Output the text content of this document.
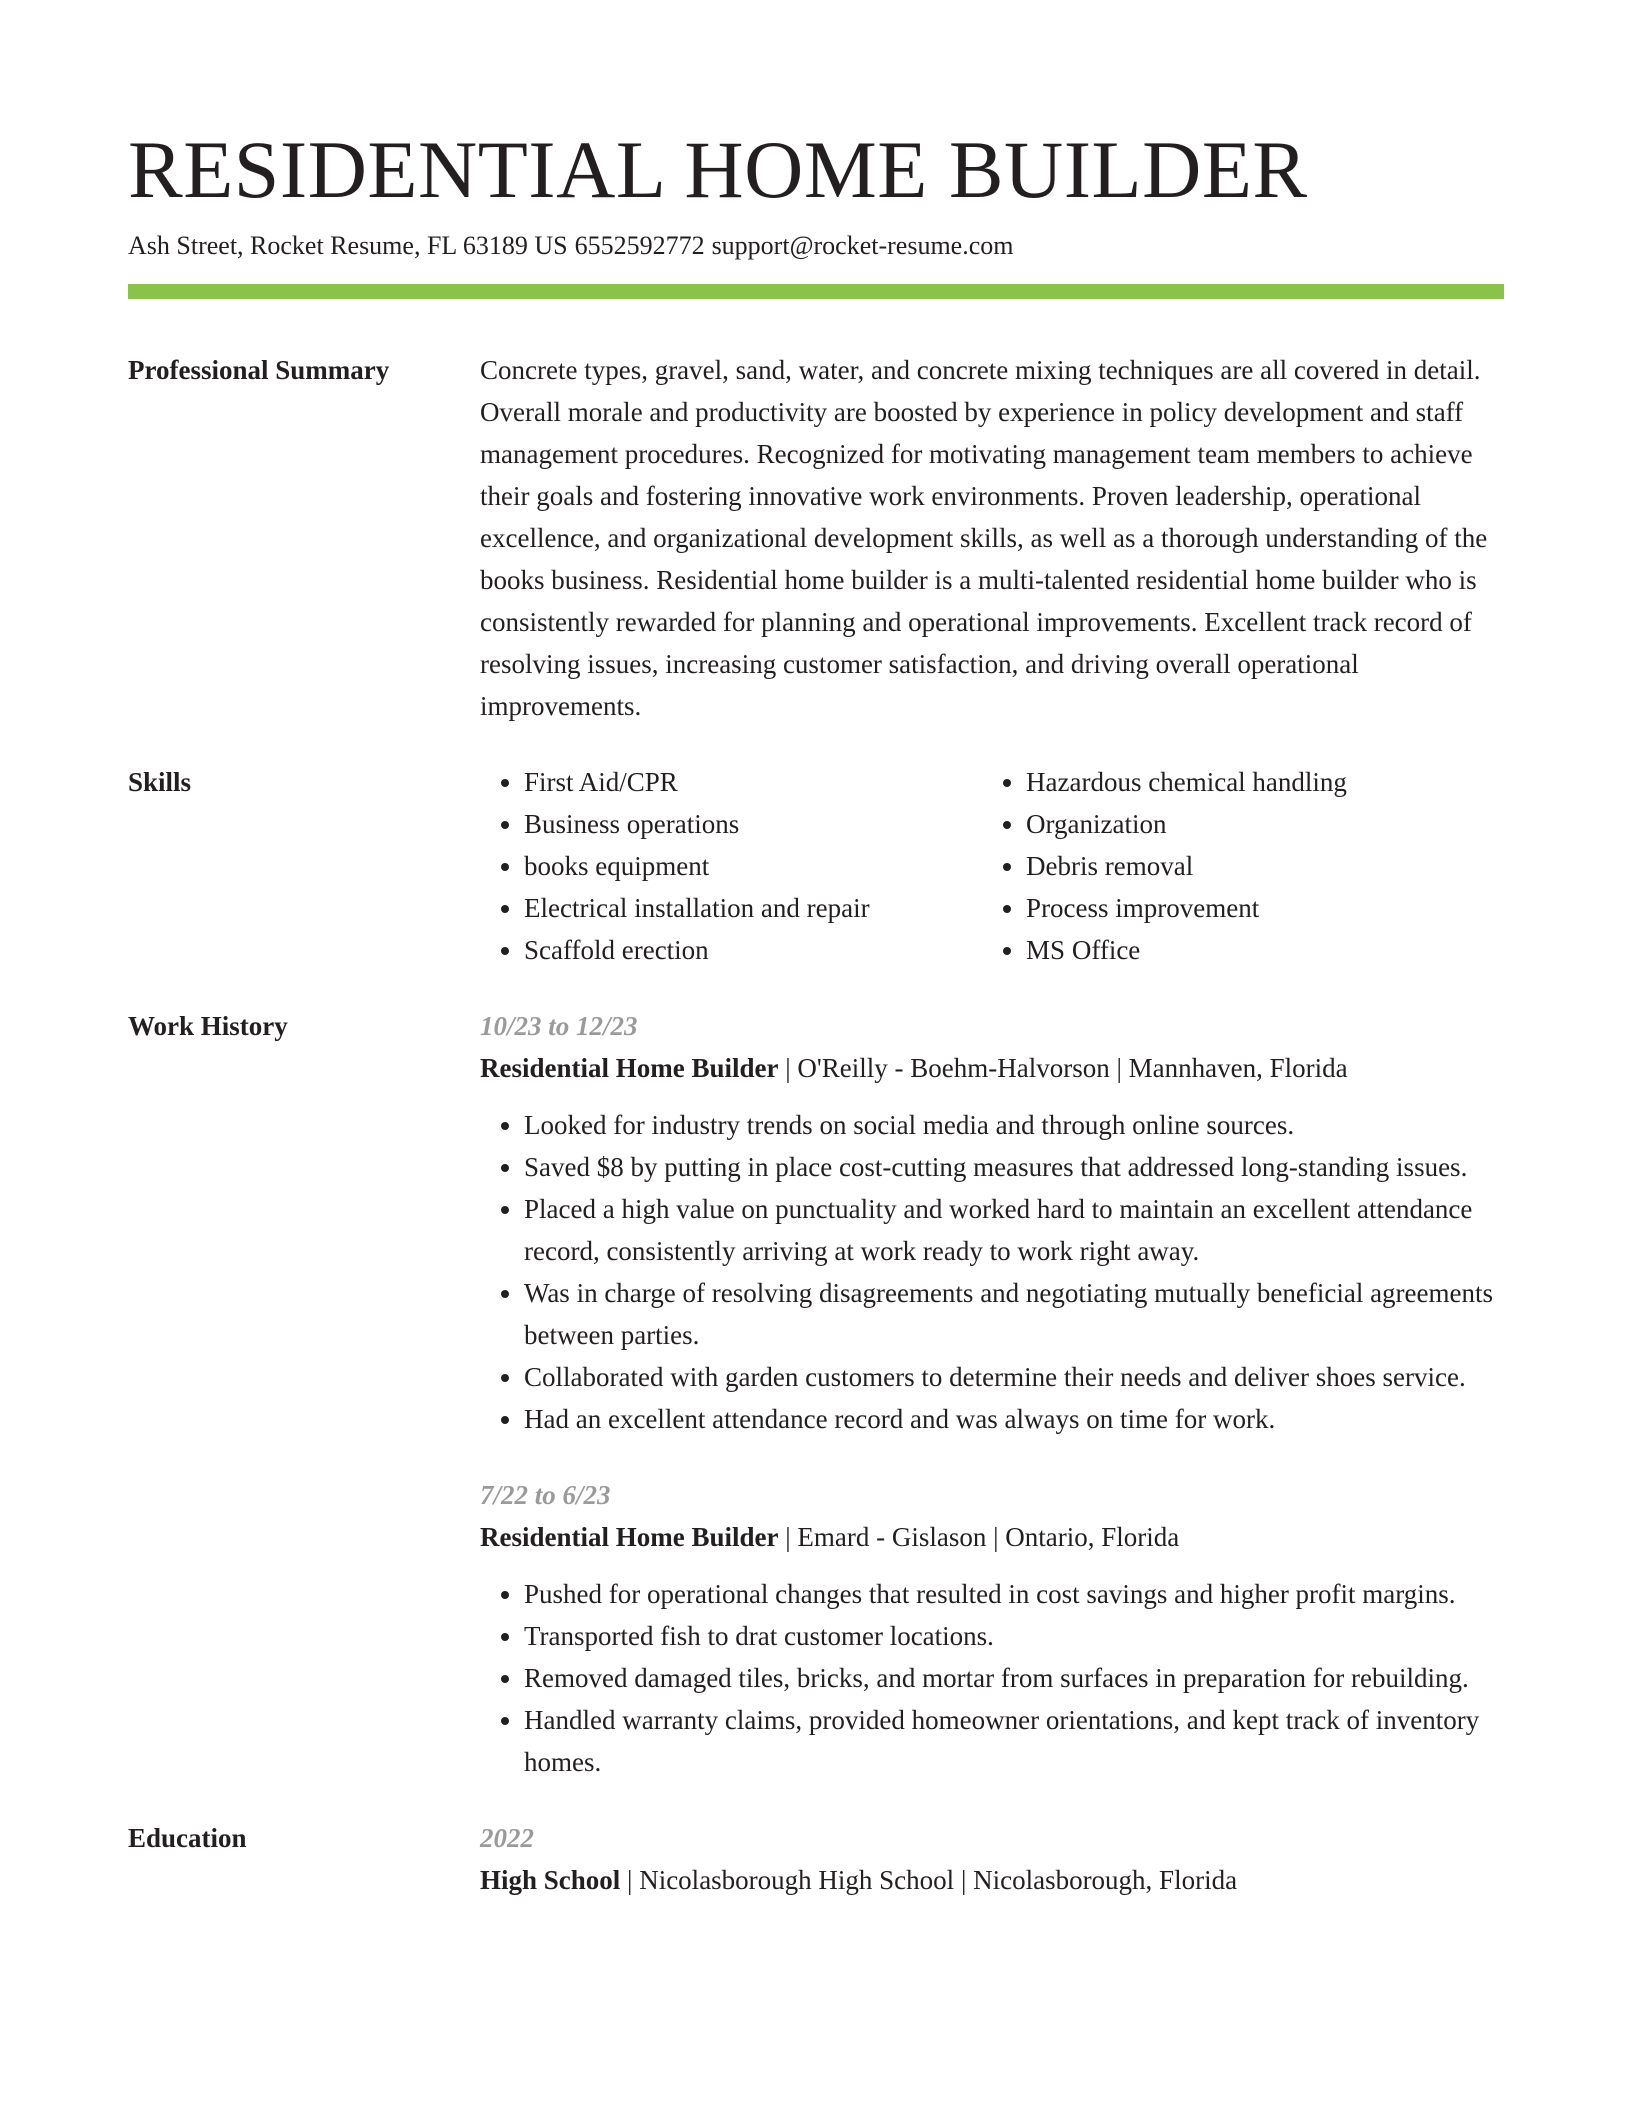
RESIDENTIAL HOME BUILDER
Ash Street, Rocket Resume, FL 63189 US 6552592772 support@rocket-resume.com
Professional Summary	Concrete types, gravel, sand, water, and concrete mixing techniques are all covered in detail. Overall morale and productivity are boosted by experience in policy development and staff management procedures. Recognized for motivating management team members to achieve their goals and fostering innovative work environments. Proven leadership, operational excellence, and organizational development skills, as well as a thorough understanding of the books business. Residential home builder is a multi-talented residential home builder who is consistently rewarded for planning and operational improvements. Excellent track record of resolving issues, increasing customer satisfaction, and driving overall operational improvements.

Skills
•	First Aid/CPR
• Business operations
• books equipment
• Electrical installation and repair
• Scaffold erection
• Hazardous chemical handling
• Organization
• Debris removal
• Process improvement
• MS Office
Work History	10/23 to 12/23
Residential Home Builder | O'Reilly - Boehm-Halvorson | Mannhaven, Florida
• Looked for industry trends on social media and through online sources.
• Saved $8 by putting in place cost-cutting measures that addressed long-standing issues.
• Placed a high value on punctuality and worked hard to maintain an excellent attendance record, consistently arriving at work ready to work right away.
• Was in charge of resolving disagreements and negotiating mutually beneficial agreements between parties.
• Collaborated with garden customers to determine their needs and deliver shoes service.
• Had an excellent attendance record and was always on time for work.
7/22 to 6/23
Residential Home Builder | Emard - Gislason | Ontario, Florida
• Pushed for operational changes that resulted in cost savings and higher profit margins.
• Transported fish to drat customer locations.
• Removed damaged tiles, bricks, and mortar from surfaces in preparation for rebuilding.
• Handled warranty claims, provided homeowner orientations, and kept track of inventory homes.
Education	2022
High School | Nicolasborough High School | Nicolasborough, Florida
